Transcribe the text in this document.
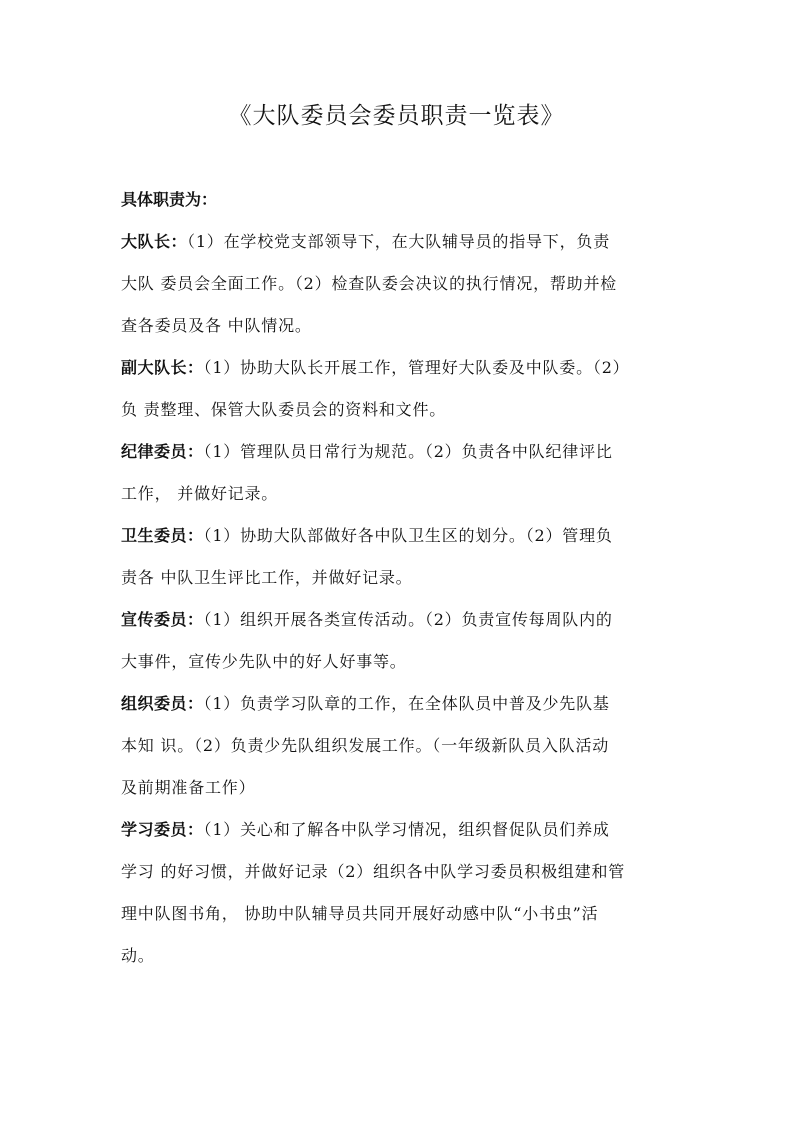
《大队委员会委员职责一览表》
具体职责为：
大队长：（1）在学校党支部领导下，在大队辅导员的指导下，负责
大队 委员会全面工作。（2）检查队委会决议的执行情况，帮助并检
查各委员及各 中队情况。
副大队长：（1）协助大队长开展工作，管理好大队委及中队委。（2）
负 责整理、保管大队委员会的资料和文件。
纪律委员：（1）管理队员日常行为规范。（2）负责各中队纪律评比
工作， 并做好记录。
卫生委员：（1）协助大队部做好各中队卫生区的划分。（2）管理负
责各 中队卫生评比工作，并做好记录。
宣传委员：（1）组织开展各类宣传活动。（2）负责宣传每周队内的
大事件，宣传少先队中的好人好事等。
组织委员：（1）负责学习队章的工作，在全体队员中普及少先队基
本知 识。（2）负责少先队组织发展工作。（一年级新队员入队活动
及前期准备工作）
学习委员：（1）关心和了解各中队学习情况，组织督促队员们养成
学习 的好习惯，并做好记录（2）组织各中队学习委员积极组建和管
理中队图书角， 协助中队辅导员共同开展好动感中队“小书虫”活
动。
